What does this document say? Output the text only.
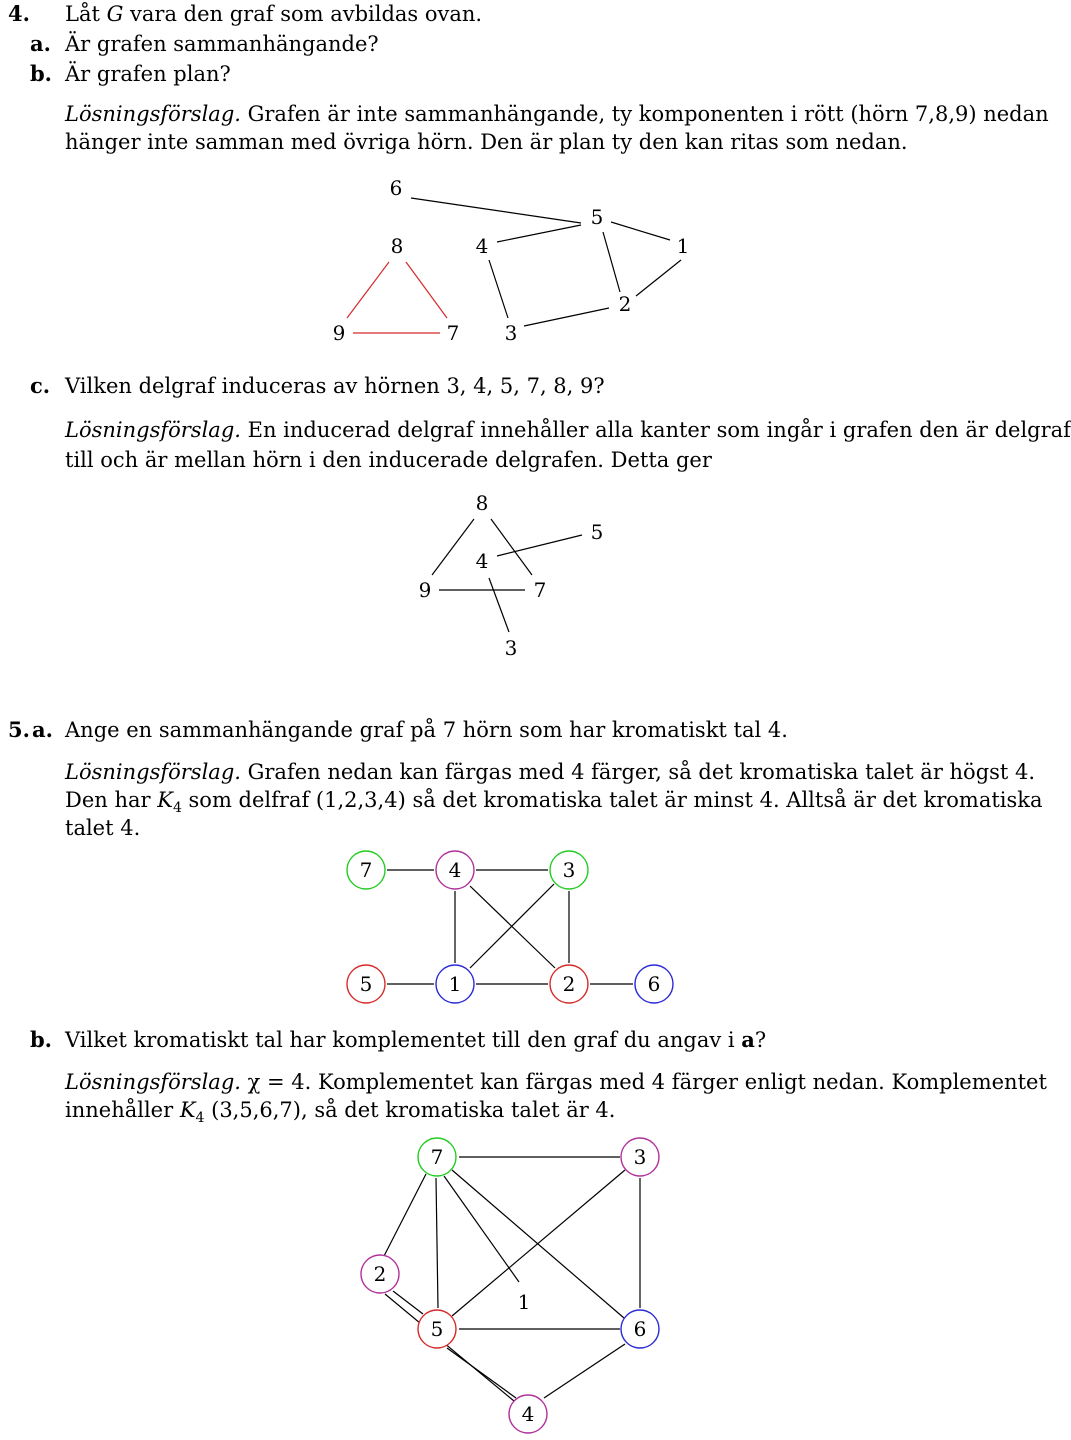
4. Låt G vara den graf som avbildas ovan.
a. Är grafen sammanhängande?
b. Är grafen plan?
Lösningsförslag. Grafen är inte sammanhängande, ty komponenten i rött (hörn 7,8,9) nedan
hänger inte samman med övriga hörn. Den är plan ty den kan ritas som nedan.
6
8	4
5
1
9	7 3
2
c. Vilken delgraf induceras av hörnen 3, 4, 5, 7, 8, 9?
Lösningsförslag. En inducerad delgraf innehåller alla kanter som ingår i grafen den är delgraf
till och är mellan hörn i den inducerade delgrafen. Detta ger
8
5
4
9	7
3
5. a. Ange en sammanhängande graf på 7 hörn som har kromatiskt tal 4.
Lösningsförslag. Grafen nedan kan färgas med 4 färger, så det kromatiska talet är högst 4.
Den har $K_4$ som delfraf (1,2,3,4) så det kromatiska talet är minst 4. Alltså är det kromatiska
talet 4.
7	4	3
5	1	2	6
b. Vilket kromatiskt tal har komplementet till den graf du angav i a?
Lösningsförslag. χ = 4. Komplementet kan färgas med 4 färger enligt nedan. Komplementet
innehåller $K_4$ (3,5,6,7), så det kromatiska talet är 4.
7	3
2
1
5	6
4
